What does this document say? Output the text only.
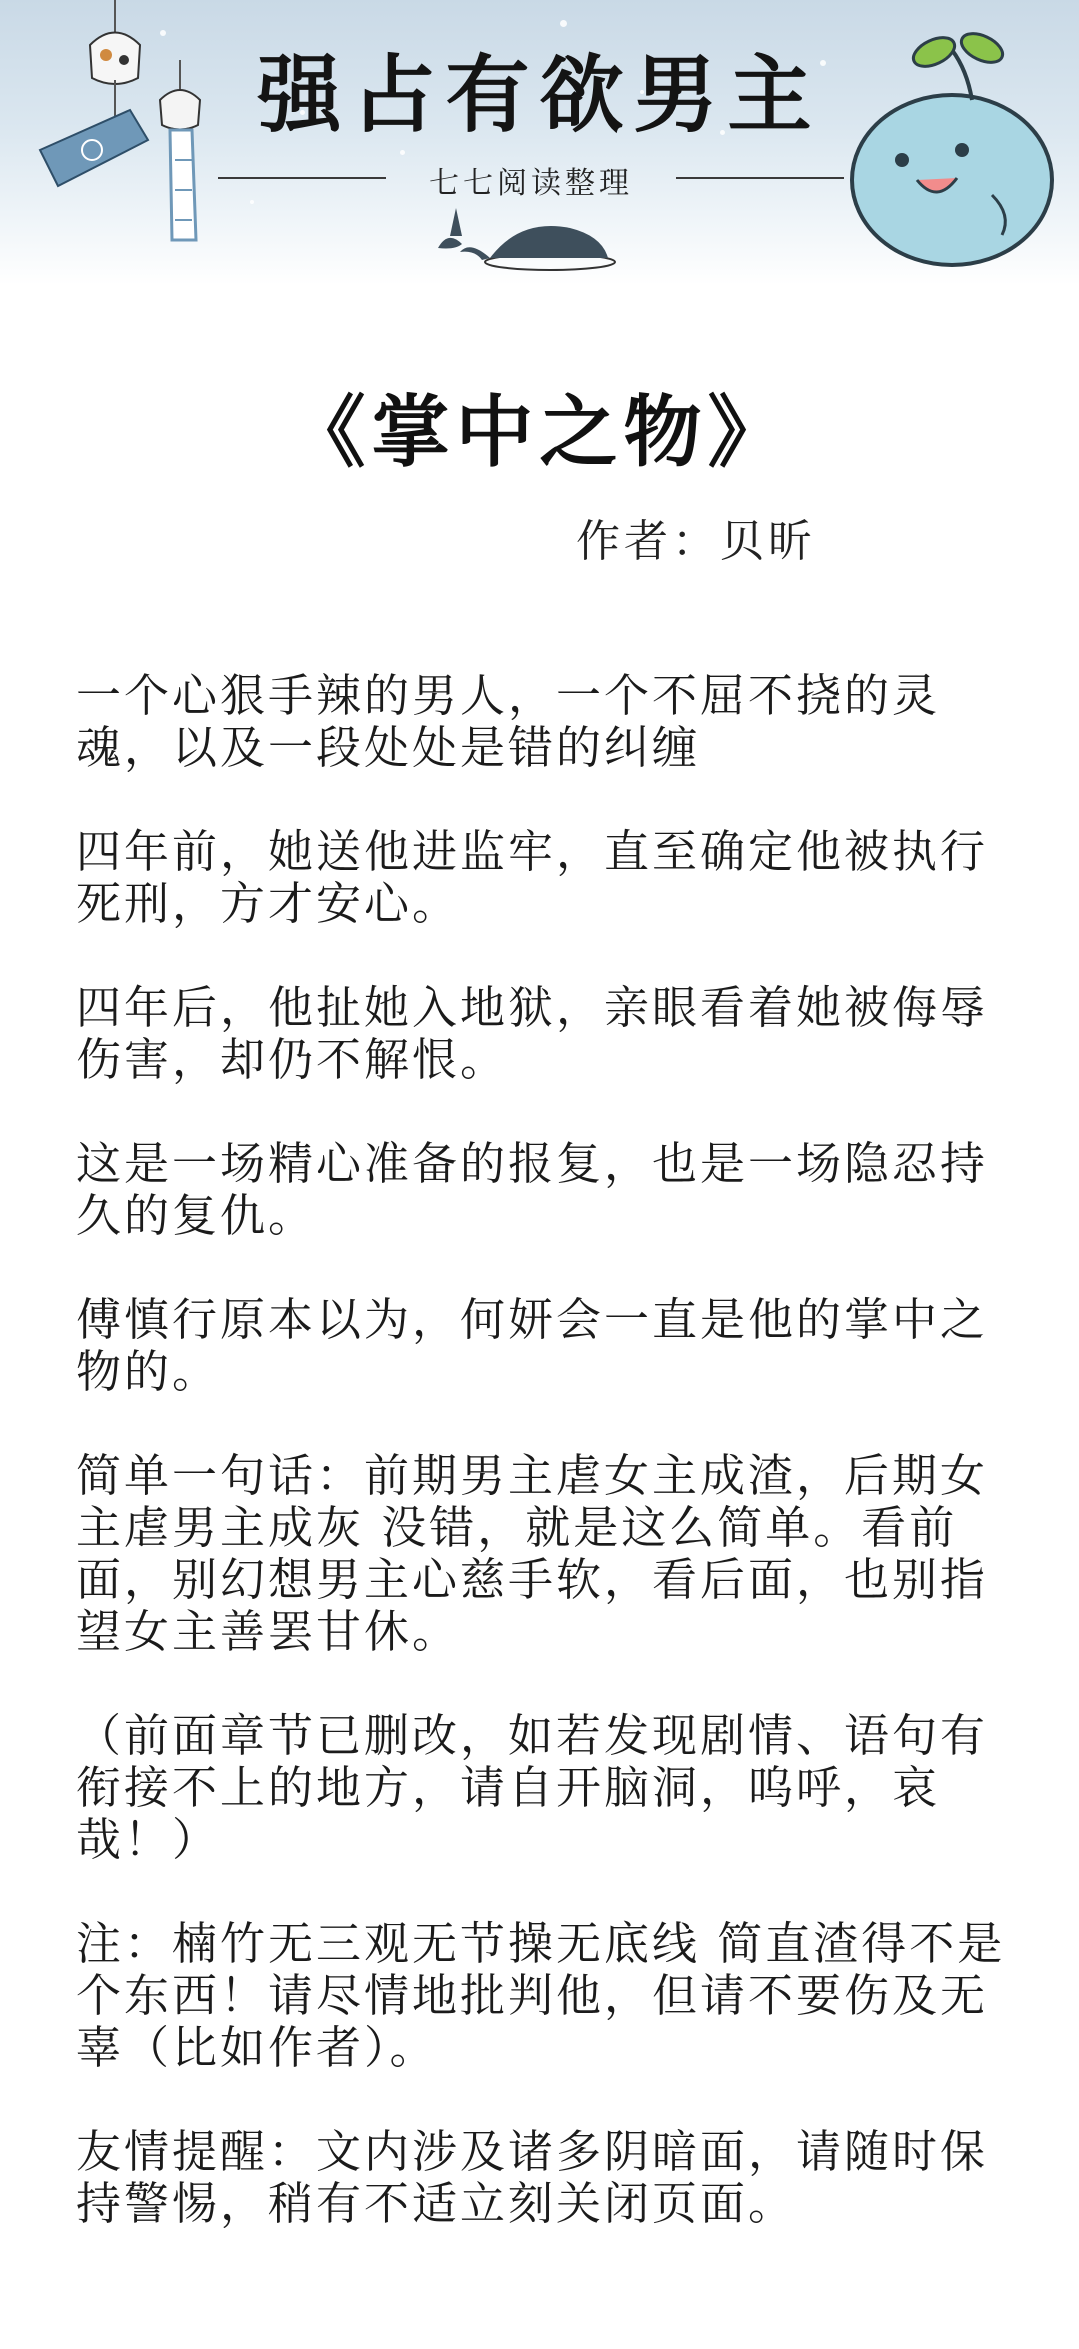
强占有欲男主
七七阅读整理
《掌中之物》
作者：贝昕

一个心狠手辣的男人，一个不屈不挠的灵魂，以及一段处处是错的纠缠

四年前，她送他进监牢，直至确定他被执行死刑，方才安心。

四年后，他扯她入地狱，亲眼看着她被侮辱伤害，却仍不解恨。

这是一场精心准备的报复，也是一场隐忍持久的复仇。

傅慎行原本以为，何妍会一直是他的掌中之物的。

简单一句话：前期男主虐女主成渣，后期女主虐男主成灰 没错，就是这么简单。看前面，别幻想男主心慈手软，看后面，也别指望女主善罢甘休。

（前面章节已删改，如若发现剧情、语句有衔接不上的地方，请自开脑洞，呜呼，哀哉！）

注：楠竹无三观无节操无底线 简直渣得不是个东西！请尽情地批判他，但请不要伤及无辜（比如作者）。

友情提醒：文内涉及诸多阴暗面，请随时保持警惕，稍有不适立刻关闭页面。
